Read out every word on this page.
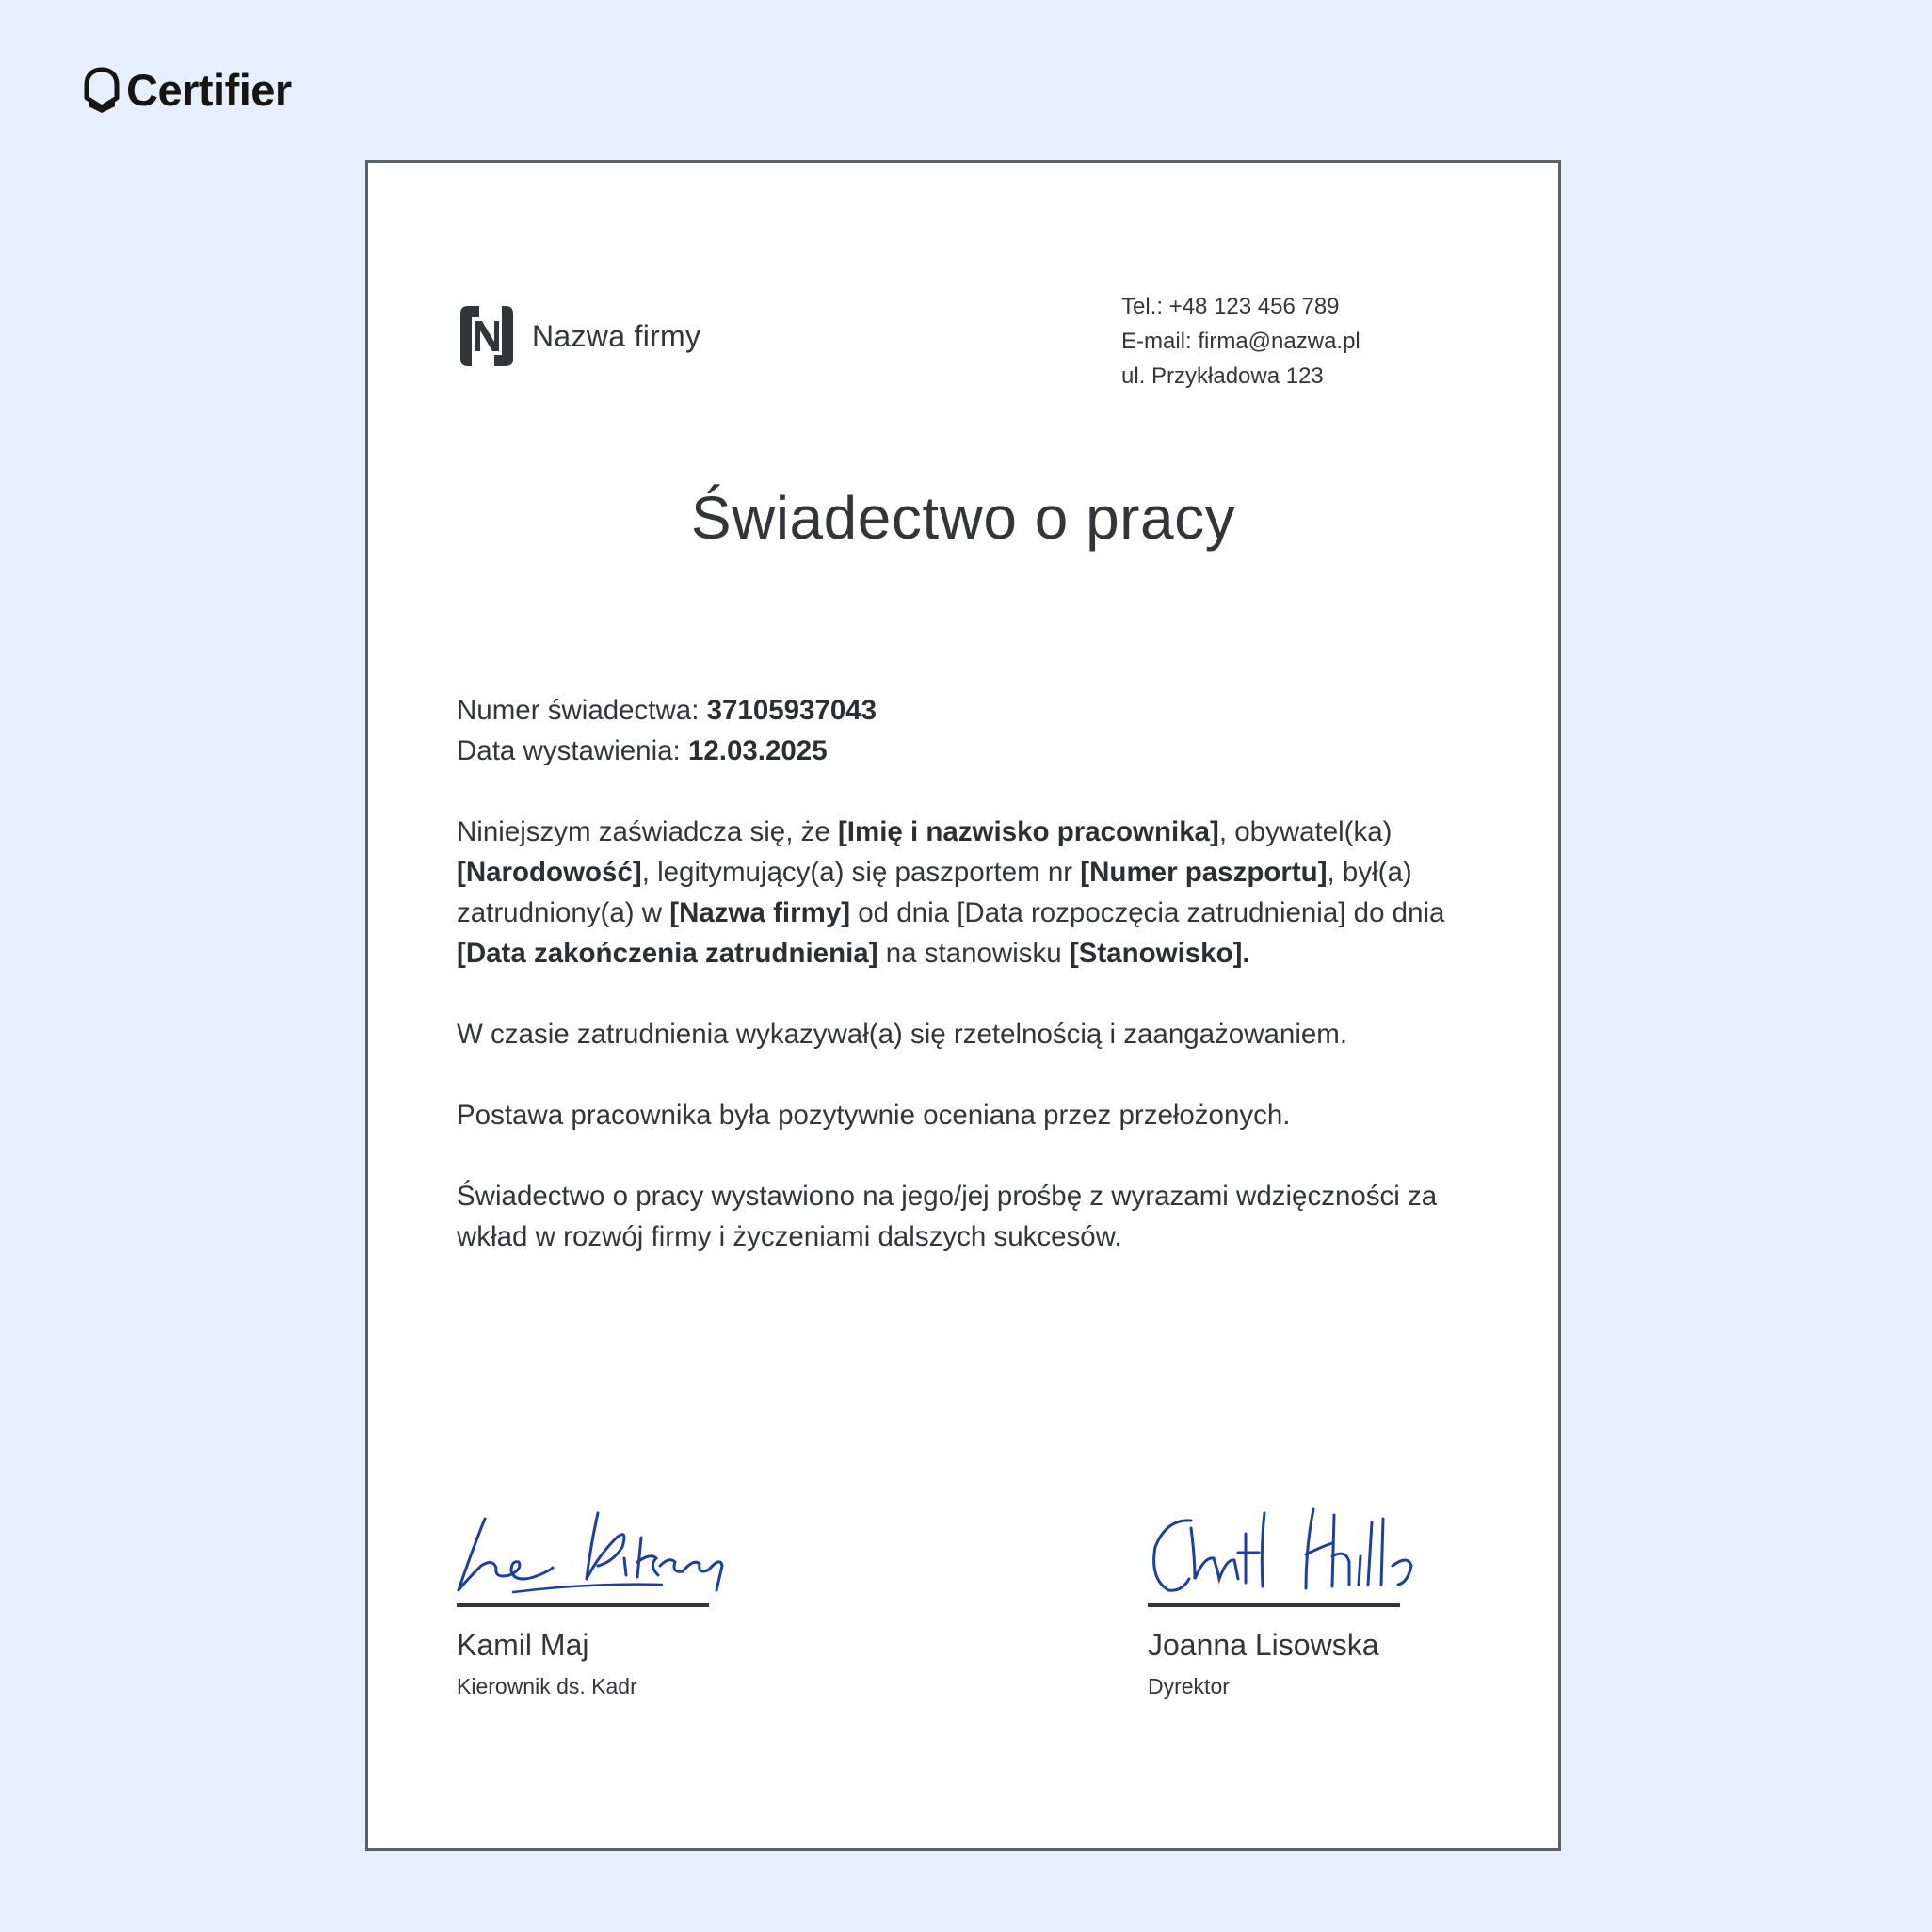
Certifier
Nazwa firmy
Tel.: +48 123 456 789
E-mail: firma@nazwa.pl
ul. Przykładowa 123
Świadectwo o pracy

Numer świadectwa: 37105937043

Data wystawienia: 12.03.2025

Niniejszym zaświadcza się, że [Imię i nazwisko pracownika], obywatel(ka) [Narodowość], legitymujący(a) się paszportem nr [Numer paszportu], był(a) zatrudniony(a) w [Nazwa firmy] od dnia [Data rozpoczęcia zatrudnienia] do dnia [Data zakończenia zatrudnienia] na stanowisku [Stanowisko].

W czasie zatrudnienia wykazywał(a) się rzetelnością i zaangażowaniem.

Postawa pracownika była pozytywnie oceniana przez przełożonych.

Świadectwo o pracy wystawiono na jego/jej prośbę z wyrazami wdzięczności za wkład w rozwój firmy i życzeniami dalszych sukcesów.

Kamil Maj
Kierownik ds. Kadr
Joanna Lisowska
Dyrektor
